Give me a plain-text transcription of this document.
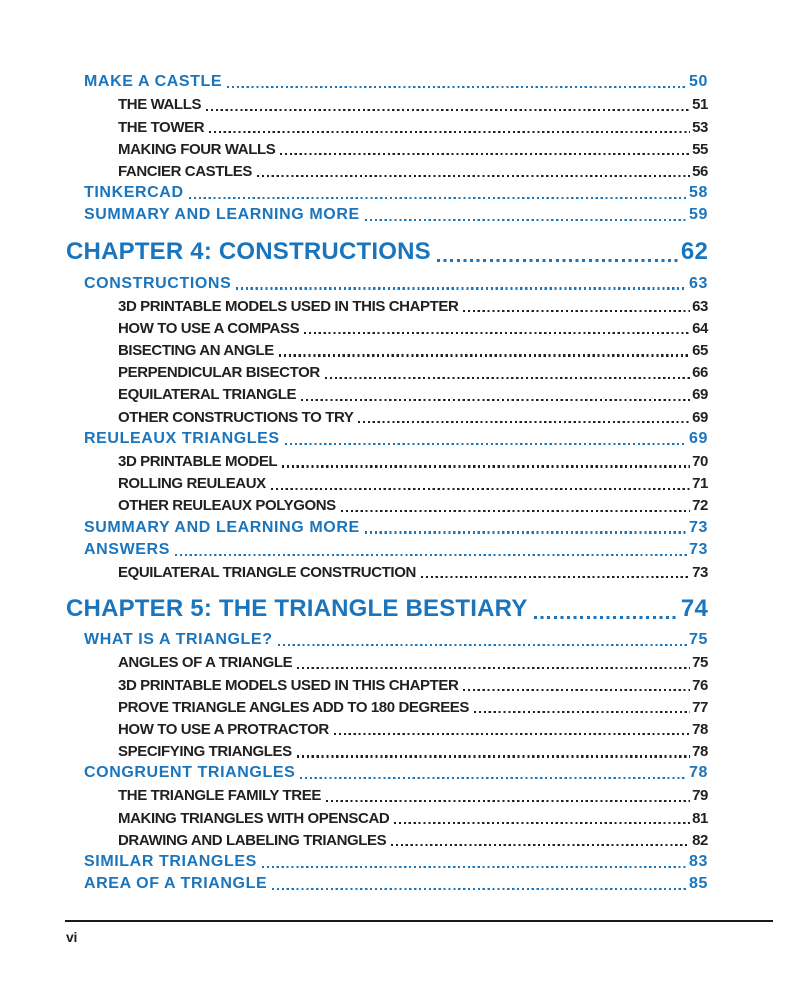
MAKE A CASTLE	50
THE WALLS	51
THE TOWER	53
MAKING FOUR WALLS	55
FANCIER CASTLES	56
TINKERCAD	58
SUMMARY AND LEARNING MORE	59
CHAPTER 4: CONSTRUCTIONS	62
CONSTRUCTIONS	63
3D PRINTABLE MODELS USED IN THIS CHAPTER	63
HOW TO USE A COMPASS	64
BISECTING AN ANGLE	65
PERPENDICULAR BISECTOR	66
EQUILATERAL TRIANGLE	69
OTHER CONSTRUCTIONS TO TRY	69
REULEAUX TRIANGLES	69
3D PRINTABLE MODEL	70
ROLLING REULEAUX	71
OTHER REULEAUX POLYGONS	72
SUMMARY AND LEARNING MORE	73
ANSWERS	73
EQUILATERAL TRIANGLE CONSTRUCTION	73
CHAPTER 5: THE TRIANGLE BESTIARY	74
WHAT IS A TRIANGLE?	75
ANGLES OF A TRIANGLE	75
3D PRINTABLE MODELS USED IN THIS CHAPTER	76
PROVE TRIANGLE ANGLES ADD TO 180 DEGREES	77
HOW TO USE A PROTRACTOR	78
SPECIFYING TRIANGLES	78
CONGRUENT TRIANGLES	78
THE TRIANGLE FAMILY TREE	79
MAKING TRIANGLES WITH OPENSCAD	81
DRAWING AND LABELING TRIANGLES	82
SIMILAR TRIANGLES	83
AREA OF A TRIANGLE	85
vi
